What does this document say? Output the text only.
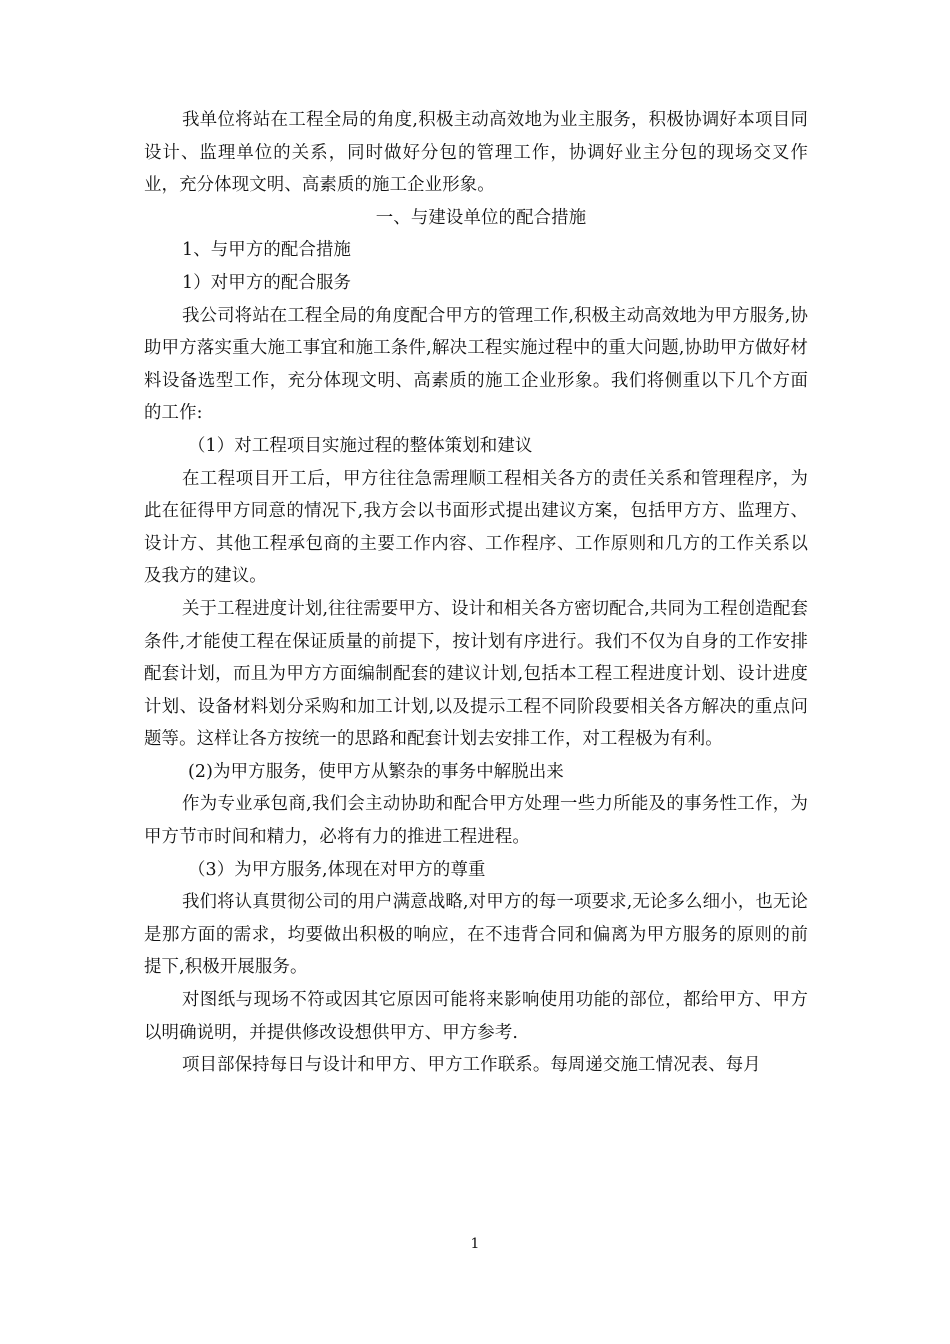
我单位将站在工程全局的角度,积极主动高效地为业主服务，积极协调好本项目同设计、监理单位的关系，同时做好分包的管理工作，协调好业主分包的现场交叉作业，充分体现文明、高素质的施工企业形象。

一、与建设单位的配合措施

1、与甲方的配合措施

1）对甲方的配合服务

我公司将站在工程全局的角度配合甲方的管理工作,积极主动高效地为甲方服务,协助甲方落实重大施工事宜和施工条件,解决工程实施过程中的重大问题,协助甲方做好材料设备选型工作，充分体现文明、高素质的施工企业形象。我们将侧重以下几个方面的工作:

（1）对工程项目实施过程的整体策划和建议

在工程项目开工后，甲方往往急需理顺工程相关各方的责任关系和管理程序，为此在征得甲方同意的情况下,我方会以书面形式提出建议方案，包括甲方方、监理方、设计方、其他工程承包商的主要工作内容、工作程序、工作原则和几方的工作关系以及我方的建议。

关于工程进度计划,往往需要甲方、设计和相关各方密切配合,共同为工程创造配套条件,才能使工程在保证质量的前提下，按计划有序进行。我们不仅为自身的工作安排配套计划，而且为甲方方面编制配套的建议计划,包括本工程工程进度计划、设计进度计划、设备材料划分采购和加工计划,以及提示工程不同阶段要相关各方解决的重点问题等。这样让各方按统一的思路和配套计划去安排工作，对工程极为有利。

(2)为甲方服务，使甲方从繁杂的事务中解脱出来

作为专业承包商,我们会主动协助和配合甲方处理一些力所能及的事务性工作，为甲方节市时间和精力，必将有力的推进工程进程。

（3）为甲方服务,体现在对甲方的尊重

我们将认真贯彻公司的用户满意战略,对甲方的每一项要求,无论多么细小，也无论是那方面的需求，均要做出积极的响应，在不违背合同和偏离为甲方服务的原则的前提下,积极开展服务。

对图纸与现场不符或因其它原因可能将来影响使用功能的部位，都给甲方、甲方以明确说明，并提供修改设想供甲方、甲方参考.

项目部保持每日与设计和甲方、甲方工作联系。每周递交施工情况表、每月

1
